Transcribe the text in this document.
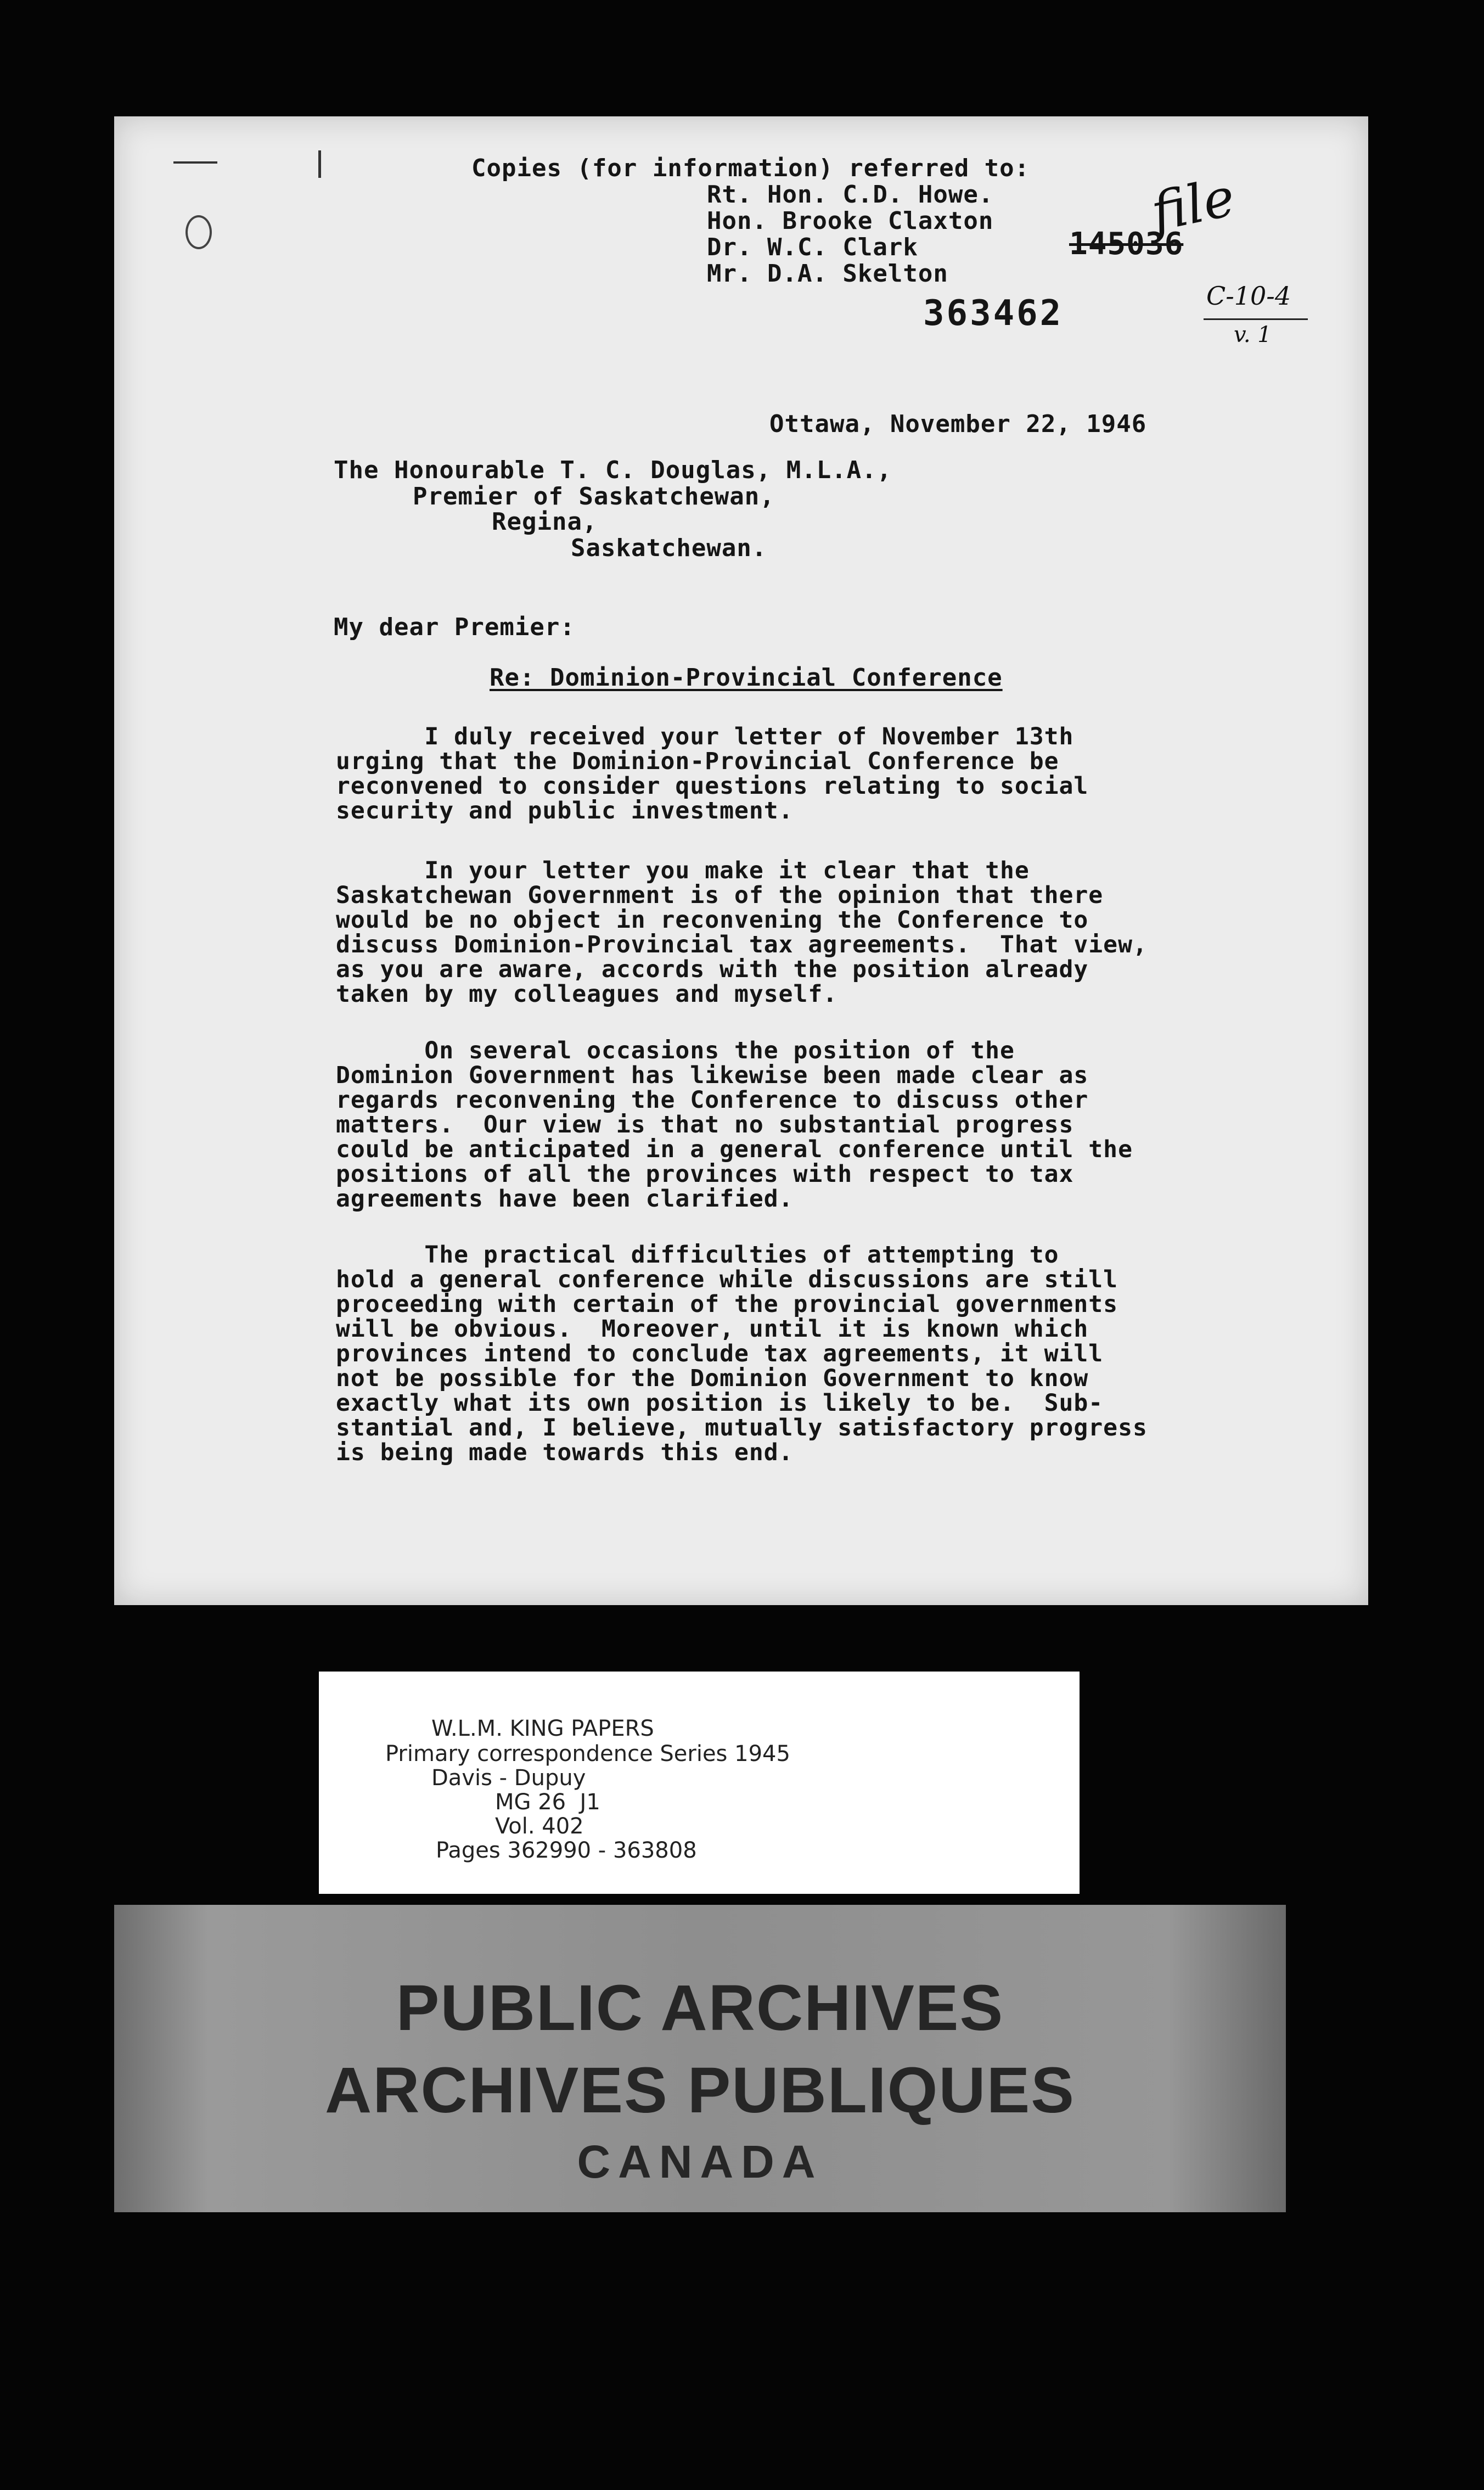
Copies (for information) referred to:
Rt. Hon. C.D. Howe.
Hon. Brooke Claxton
Dr. W.C. Clark
Mr. D.A. Skelton
145036
file
C-10-4
v. 1
363462
Ottawa, November 22, 1946
The Honourable T. C. Douglas, M.L.A.,
Premier of Saskatchewan,
Regina,
Saskatchewan.
My dear Premier:
Re: Dominion-Provincial Conference
I duly received your letter of November 13th
urging that the Dominion-Provincial Conference be
reconvened to consider questions relating to social
security and public investment.
In your letter you make it clear that the
Saskatchewan Government is of the opinion that there
would be no object in reconvening the Conference to
discuss Dominion-Provincial tax agreements.  That view,
as you are aware, accords with the position already
taken by my colleagues and myself.
On several occasions the position of the
Dominion Government has likewise been made clear as
regards reconvening the Conference to discuss other
matters.  Our view is that no substantial progress
could be anticipated in a general conference until the
positions of all the provinces with respect to tax
agreements have been clarified.
The practical difficulties of attempting to
hold a general conference while discussions are still
proceeding with certain of the provincial governments
will be obvious.  Moreover, until it is known which
provinces intend to conclude tax agreements, it will
not be possible for the Dominion Government to know
exactly what its own position is likely to be.  Sub-
stantial and, I believe, mutually satisfactory progress
is being made towards this end.
W.L.M. KING PAPERS
Primary correspondence Series 1945
Davis - Dupuy
MG 26  J1
Vol. 402
Pages 362990 - 363808
PUBLIC ARCHIVES
ARCHIVES PUBLIQUES
CANADA
